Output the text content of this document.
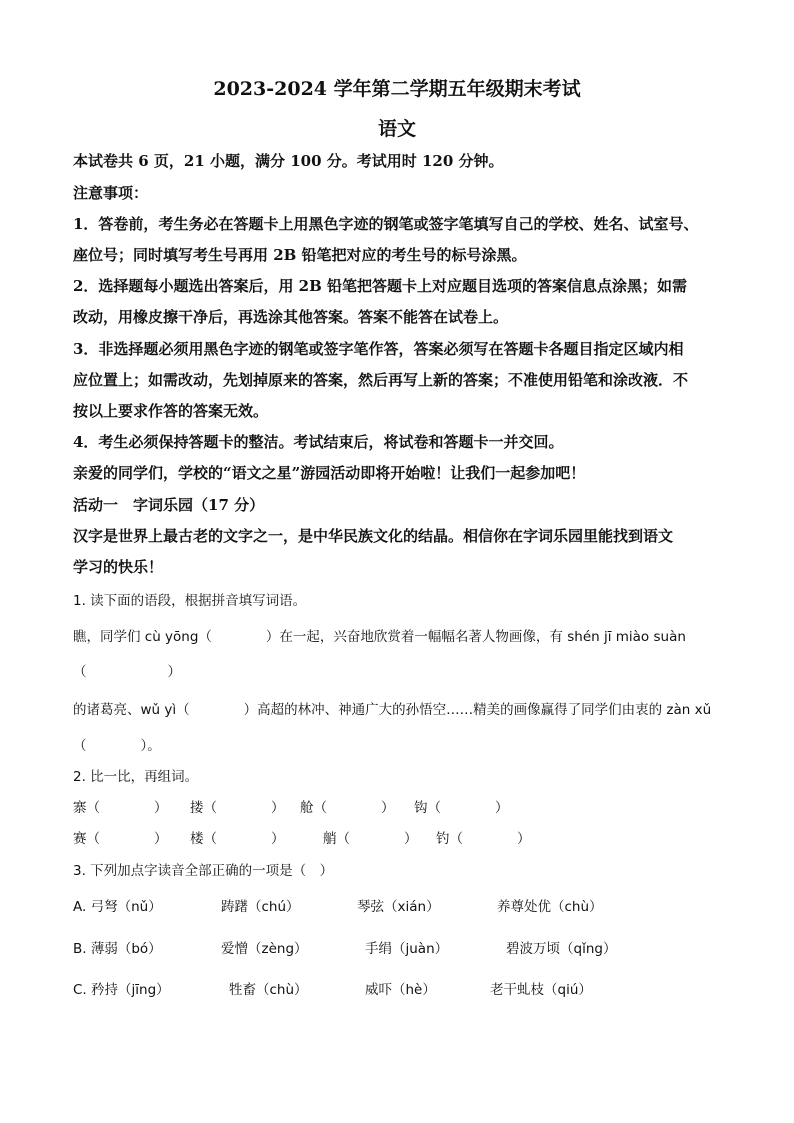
2023-2024 学年第二学期五年级期末考试
语文
本试卷共 6 页，21 小题，满分 100 分。考试用时 120 分钟。
注意事项：
1．答卷前，考生务必在答题卡上用黑色字迹的钢笔或签字笔填写自己的学校、姓名、试室号、
座位号；同时填写考生号再用 2B 铅笔把对应的考生号的标号涂黑。
2．选择题每小题选出答案后，用 2B 铅笔把答题卡上对应题目选项的答案信息点涂黑；如需
改动，用橡皮擦干净后，再选涂其他答案。答案不能答在试卷上。
3．非选择题必须用黑色字迹的钢笔或签字笔作答，答案必须写在答题卡各题目指定区域内相
应位置上；如需改动，先划掉原来的答案，然后再写上新的答案；不准使用铅笔和涂改液．不
按以上要求作答的答案无效。
4．考生必须保持答题卡的整洁。考试结束后，将试卷和答题卡一并交回。
亲爱的同学们，学校的“语文之星”游园活动即将开始啦！让我们一起参加吧！
活动一　字词乐园（17 分）
汉字是世界上最古老的文字之一，是中华民族文化的结晶。相信你在字词乐园里能找到语文
学习的快乐！
1. 读下面的语段，根据拼音填写词语。
瞧，同学们 cù yōng（　　　　）在一起，兴奋地欣赏着一幅幅名著人物画像，有 shén jī miào suàn
（　　　　　　）
的诸葛亮、wǔ yì（　　　　）高超的林冲、神通广大的孙悟空……精美的画像赢得了同学们由衷的 zàn xǔ
（　　　　）。
2. 比一比，再组词。
寨（　　　　） 搂（　　　　） 舱（　　　　） 钩（　　　　）
赛（　　　　） 楼（　　　　）	艄（　　　　） 钓（　　　　）
3. 下列加点字读音全部正确的一项是（　）
A. 弓弩（nǔ）	踌躇（chú）	琴弦（xián）	养尊处优（chù）
B. 薄弱（bó）	爱憎（zèng）	手绢（juàn）	碧波万顷（qǐng）
C. 矜持（jīng）	牲畜（chù）	威吓（hè）	老干虬枝（qiú）
